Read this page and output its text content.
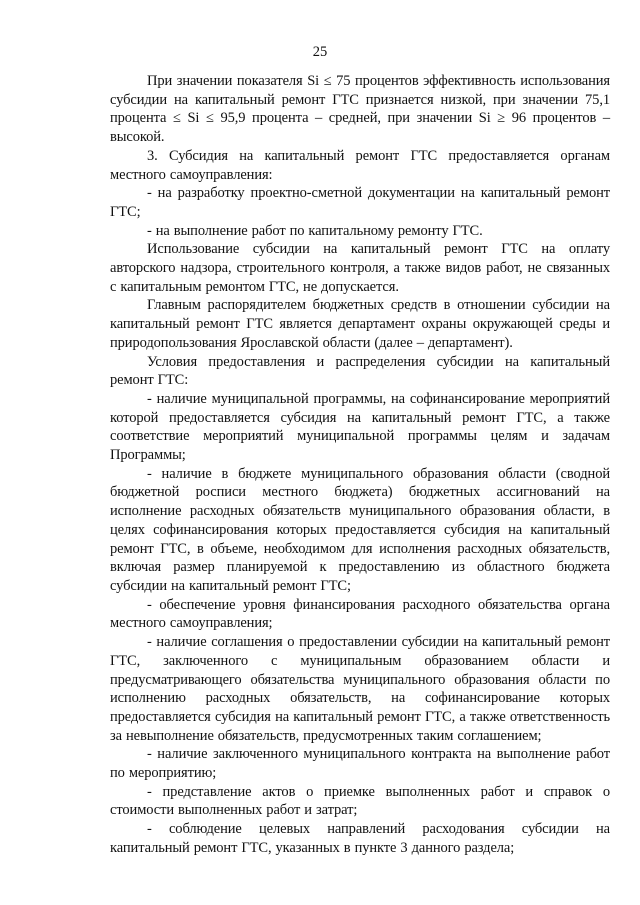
25

При значении показателя Si ≤ 75 процентов эффективность использования субсидии на капитальный ремонт ГТС признается низкой, при значении 75,1 процента ≤ Si ≤ 95,9 процента – средней, при значении Si ≥ 96 процентов – высокой.

3. Субсидия на капитальный ремонт ГТС предоставляется органам местного самоуправления:

- на разработку проектно-сметной документации на капитальный ремонт ГТС;

- на выполнение работ по капитальному ремонту ГТС.

Использование субсидии на капитальный ремонт ГТС на оплату авторского надзора, строительного контроля, а также видов работ, не связанных с капитальным ремонтом ГТС, не допускается.

Главным распорядителем бюджетных средств в отношении субсидии на капитальный ремонт ГТС является департамент охраны окружающей среды и природопользования Ярославской области (далее – департамент).

Условия предоставления и распределения субсидии на капитальный ремонт ГТС:

- наличие муниципальной программы, на софинансирование мероприятий которой предоставляется субсидия на капитальный ремонт ГТС, а также соответствие мероприятий муниципальной программы целям и задачам Программы;

- наличие в бюджете муниципального образования области (сводной бюджетной росписи местного бюджета) бюджетных ассигнований на исполнение расходных обязательств муниципального образования области, в целях софинансирования которых предоставляется субсидия на капитальный ремонт ГТС, в объеме, необходимом для исполнения расходных обязательств, включая размер планируемой к предоставлению из областного бюджета субсидии на капитальный ремонт ГТС;

- обеспечение уровня финансирования расходного обязательства органа местного самоуправления;

- наличие соглашения о предоставлении субсидии на капитальный ремонт ГТС, заключенного с муниципальным образованием области и предусматривающего обязательства муниципального образования области по исполнению расходных обязательств, на софинансирование которых предоставляется субсидия на капитальный ремонт ГТС, а также ответственность за невыполнение обязательств, предусмотренных таким соглашением;

- наличие заключенного муниципального контракта на выполнение работ по мероприятию;

- представление актов о приемке выполненных работ и справок о стоимости выполненных работ и затрат;

- соблюдение целевых направлений расходования субсидии на капитальный ремонт ГТС, указанных в пункте 3 данного раздела;
